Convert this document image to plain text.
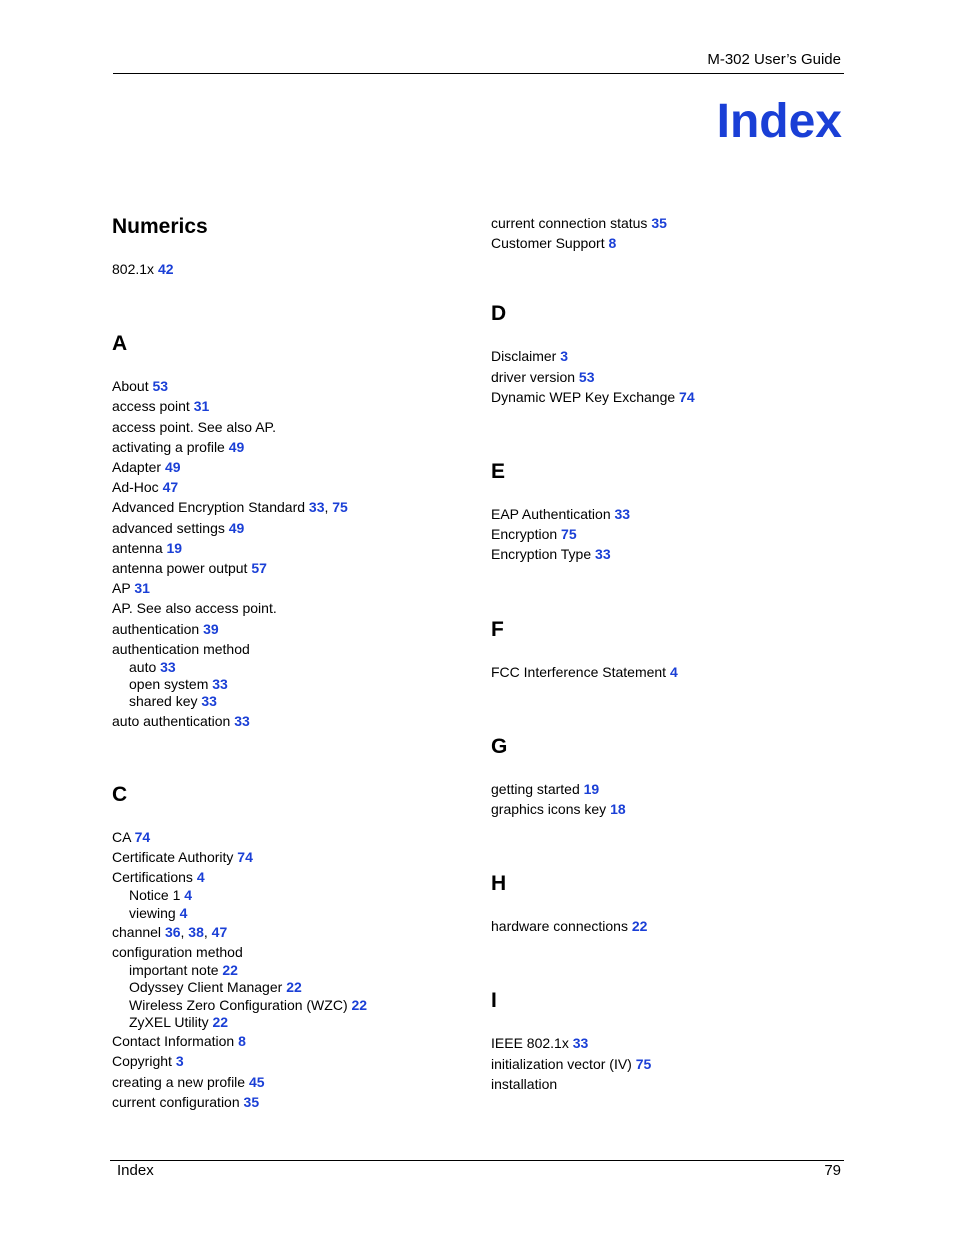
M-302 User’s Guide
Index
Numerics
802.1x 42
A
About 53
access point 31
access point. See also AP.
activating a profile 49
Adapter 49
Ad-Hoc 47
Advanced Encryption Standard 33, 75
advanced settings 49
antenna 19
antenna power output 57
AP 31
AP. See also access point.
authentication 39
authentication method
auto 33
open system 33
shared key 33
auto authentication 33
C
CA 74
Certificate Authority 74
Certifications 4
Notice 1 4
viewing 4
channel 36, 38, 47
configuration method
important note 22
Odyssey Client Manager 22
Wireless Zero Configuration (WZC) 22
ZyXEL Utility 22
Contact Information 8
Copyright 3
creating a new profile 45
current configuration 35
current connection status 35
Customer Support 8
D
Disclaimer 3
driver version 53
Dynamic WEP Key Exchange 74
E
EAP Authentication 33
Encryption 75
Encryption Type 33
F
FCC Interference Statement 4
G
getting started 19
graphics icons key 18
H
hardware connections 22
I
IEEE 802.1x 33
initialization vector (IV) 75
installation
Index	79
